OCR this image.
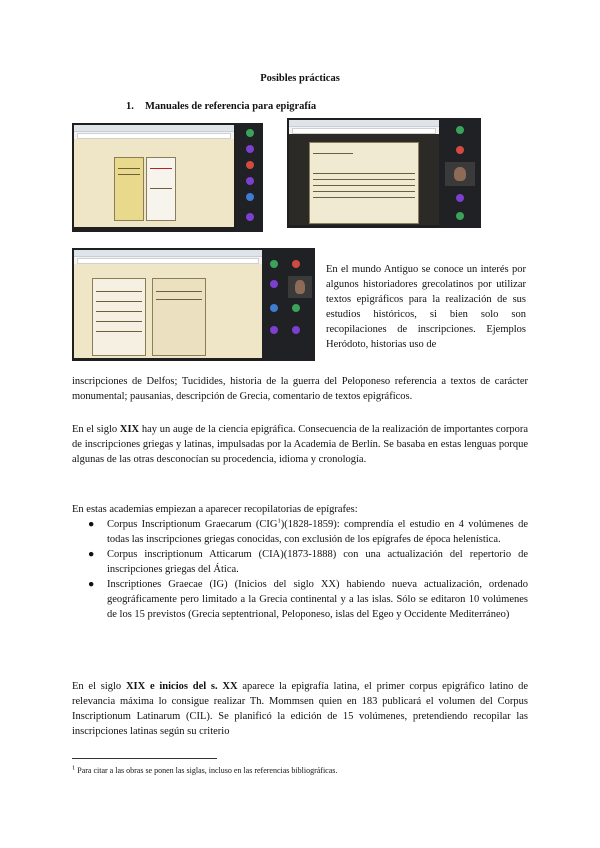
Posibles prácticas
1. Manuales de referencia para epigrafía
En el mundo Antiguo se conoce un interés por algunos historiadores grecolatinos por utilizar textos epigráficos para la realización de sus estudios históricos, si bien solo son recopilaciones de inscripciones. Ejemplos Heródoto, historias uso de

inscripciones de Delfos; Tucidides, historia de la guerra del Peloponeso referencia a textos de carácter monumental; pausanias, descripción de Grecia, comentario de textos epigráficos.

En el siglo XIX hay un auge de la ciencia epigráfica. Consecuencia de la realización de importantes corpora de inscripciones griegas y latinas, impulsadas por la Academia de Berlín. Se basaba en estas lenguas porque algunas de las otras desconocían su procedencia, idioma y cronología.

En estas academias empiezan a aparecer recopilatorias de epígrafes:

● Corpus Inscriptionum Graecarum (CIG$^1$)(1828-1859): comprendía el estudio en 4 volúmenes de todas las inscripciones griegas conocidas, con exclusión de los epígrafes de época helenística.
● Corpus inscriptionum Atticarum (CIA)(1873-1888) con una actualización del repertorio de inscripciones griegas del Ática.
● Inscriptiones Graecae (IG) (Inicios del siglo XX) habiendo nueva actualización, ordenado geográficamente pero limitado a la Grecia continental y a las islas. Sólo se editaron 10 volúmenes de los 15 previstos (Grecia septentrional, Peloponeso, islas del Egeo y Occidente Mediterráneo)

En el siglo XIX e inicios del s. XX aparece la epigrafía latina, el primer corpus epigráfico latino de relevancia máxima lo consigue realizar Th. Mommsen quien en 183 publicará el volumen del Corpus Inscriptionum Latinarum (CIL). Se planificó la edición de 15 volúmenes, pretendiendo recopilar las inscripciones latinas según su criterio

$^1$ Para citar a las obras se ponen las siglas, incluso en las referencias bibliográficas.
